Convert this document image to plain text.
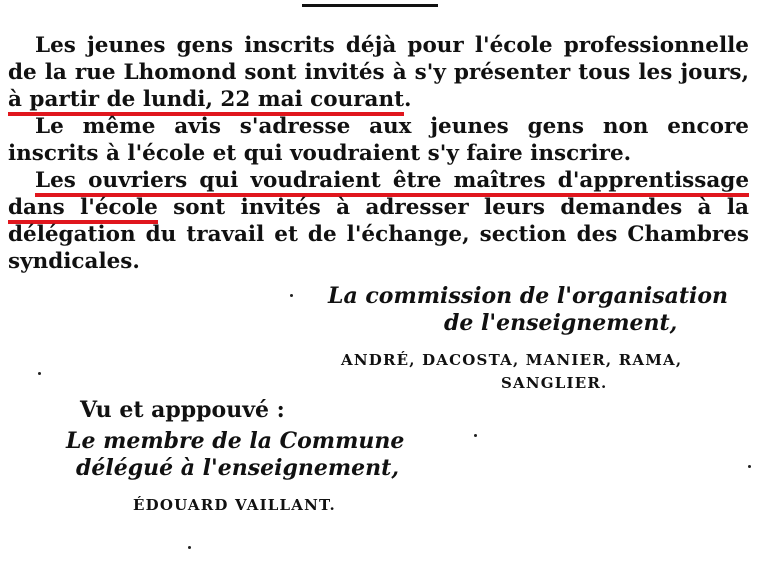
Les jeunes gens inscrits déjà pour l'école professionnelle de la rue Lhomond sont invités à s'y présenter tous les jours, à partir de lundi, 22 mai courant.

Le même avis s'adresse aux jeunes gens non encore inscrits à l'école et qui voudraient s'y faire inscrire.

Les ouvriers qui voudraient être maîtres d'apprentissage dans l'école sont invités à adresser leurs demandes à la délégation du travail et de l'échange, section des Chambres syndicales.

La commission de l'organisation
de l'enseignement,
ANDRÉ, DACOSTA, MANIER, RAMA,
SANGLIER.
Vu et apppouvé :
Le membre de la Commune
délégué à l'enseignement,
ÉDOUARD VAILLANT.
